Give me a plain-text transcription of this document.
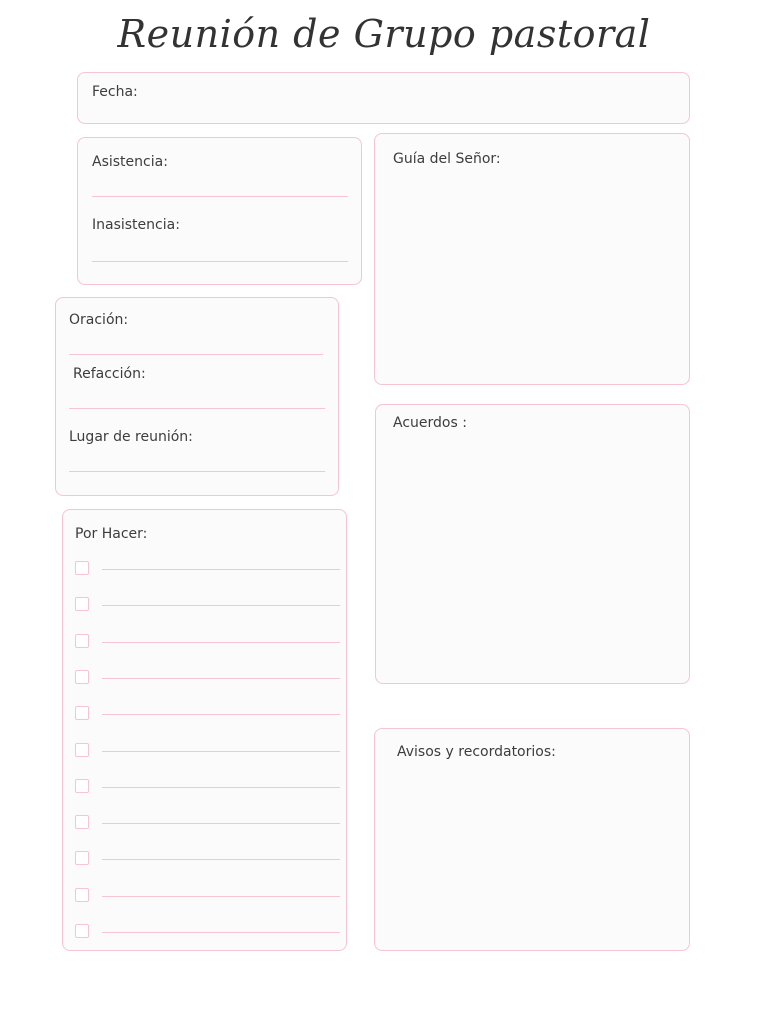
Reunión de Grupo pastoral
Fecha:
Asistencia:
Inasistencia:
Guía del Señor:
Oración:
Refacción:
Lugar de reunión:
Acuerdos :
Por Hacer:
Avisos y recordatorios:
